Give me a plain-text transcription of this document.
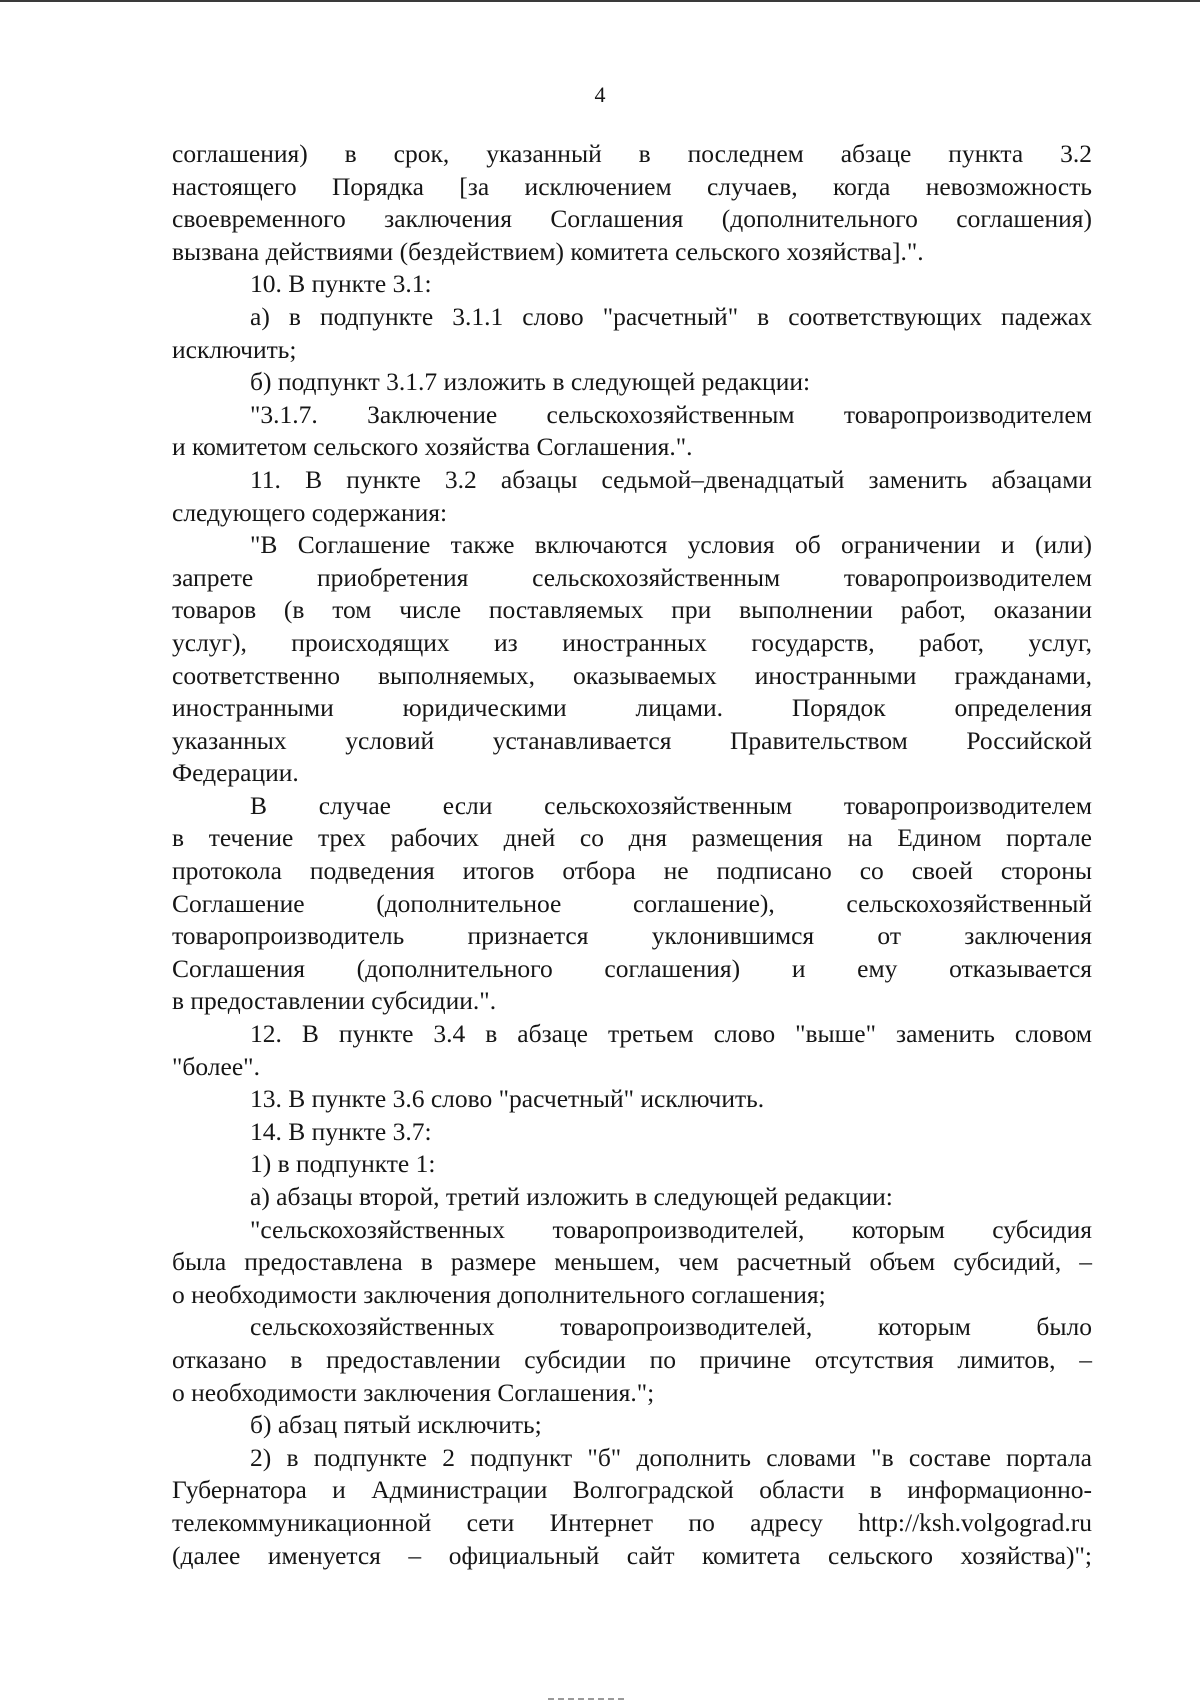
4

соглашения) в срок, указанный в последнем абзаце пункта 3.2

настоящего Порядка [за исключением случаев, когда невозможность

своевременного заключения Соглашения (дополнительного соглашения)

вызвана действиями (бездействием) комитета сельского хозяйства].".

10. В пункте 3.1:

а) в подпункте 3.1.1 слово "расчетный" в соответствующих падежах

исключить;

б) подпункт 3.1.7 изложить в следующей редакции:

"3.1.7. Заключение сельскохозяйственным товаропроизводителем

и комитетом сельского хозяйства Соглашения.".

11. В пункте 3.2 абзацы седьмой–двенадцатый заменить абзацами

следующего содержания:

"В Соглашение также включаются условия об ограничении и (или)

запрете приобретения сельскохозяйственным товаропроизводителем

товаров (в том числе поставляемых при выполнении работ, оказании

услуг), происходящих из иностранных государств, работ, услуг,

соответственно выполняемых, оказываемых иностранными гражданами,

иностранными юридическими лицами. Порядок определения

указанных условий устанавливается Правительством Российской

Федерации.

В случае если сельскохозяйственным товаропроизводителем

в течение трех рабочих дней со дня размещения на Едином портале

протокола подведения итогов отбора не подписано со своей стороны

Соглашение (дополнительное соглашение), сельскохозяйственный

товаропроизводитель признается уклонившимся от заключения

Соглашения (дополнительного соглашения) и ему отказывается

в предоставлении субсидии.".

12. В пункте 3.4 в абзаце третьем слово "выше" заменить словом

"более".

13. В пункте 3.6 слово "расчетный" исключить.

14. В пункте 3.7:

1) в подпункте 1:

а) абзацы второй, третий изложить в следующей редакции:

"сельскохозяйственных товаропроизводителей, которым субсидия

была предоставлена в размере меньшем, чем расчетный объем субсидий, –

о необходимости заключения дополнительного соглашения;

сельскохозяйственных товаропроизводителей, которым было

отказано в предоставлении субсидии по причине отсутствия лимитов, –

о необходимости заключения Соглашения.";

б) абзац пятый исключить;

2) в подпункте 2 подпункт "б" дополнить словами "в составе портала

Губернатора и Администрации Волгоградской области в информационно-

телекоммуникационной сети Интернет по адресу http://ksh.volgograd.ru

(далее именуется – официальный сайт комитета сельского хозяйства)";
